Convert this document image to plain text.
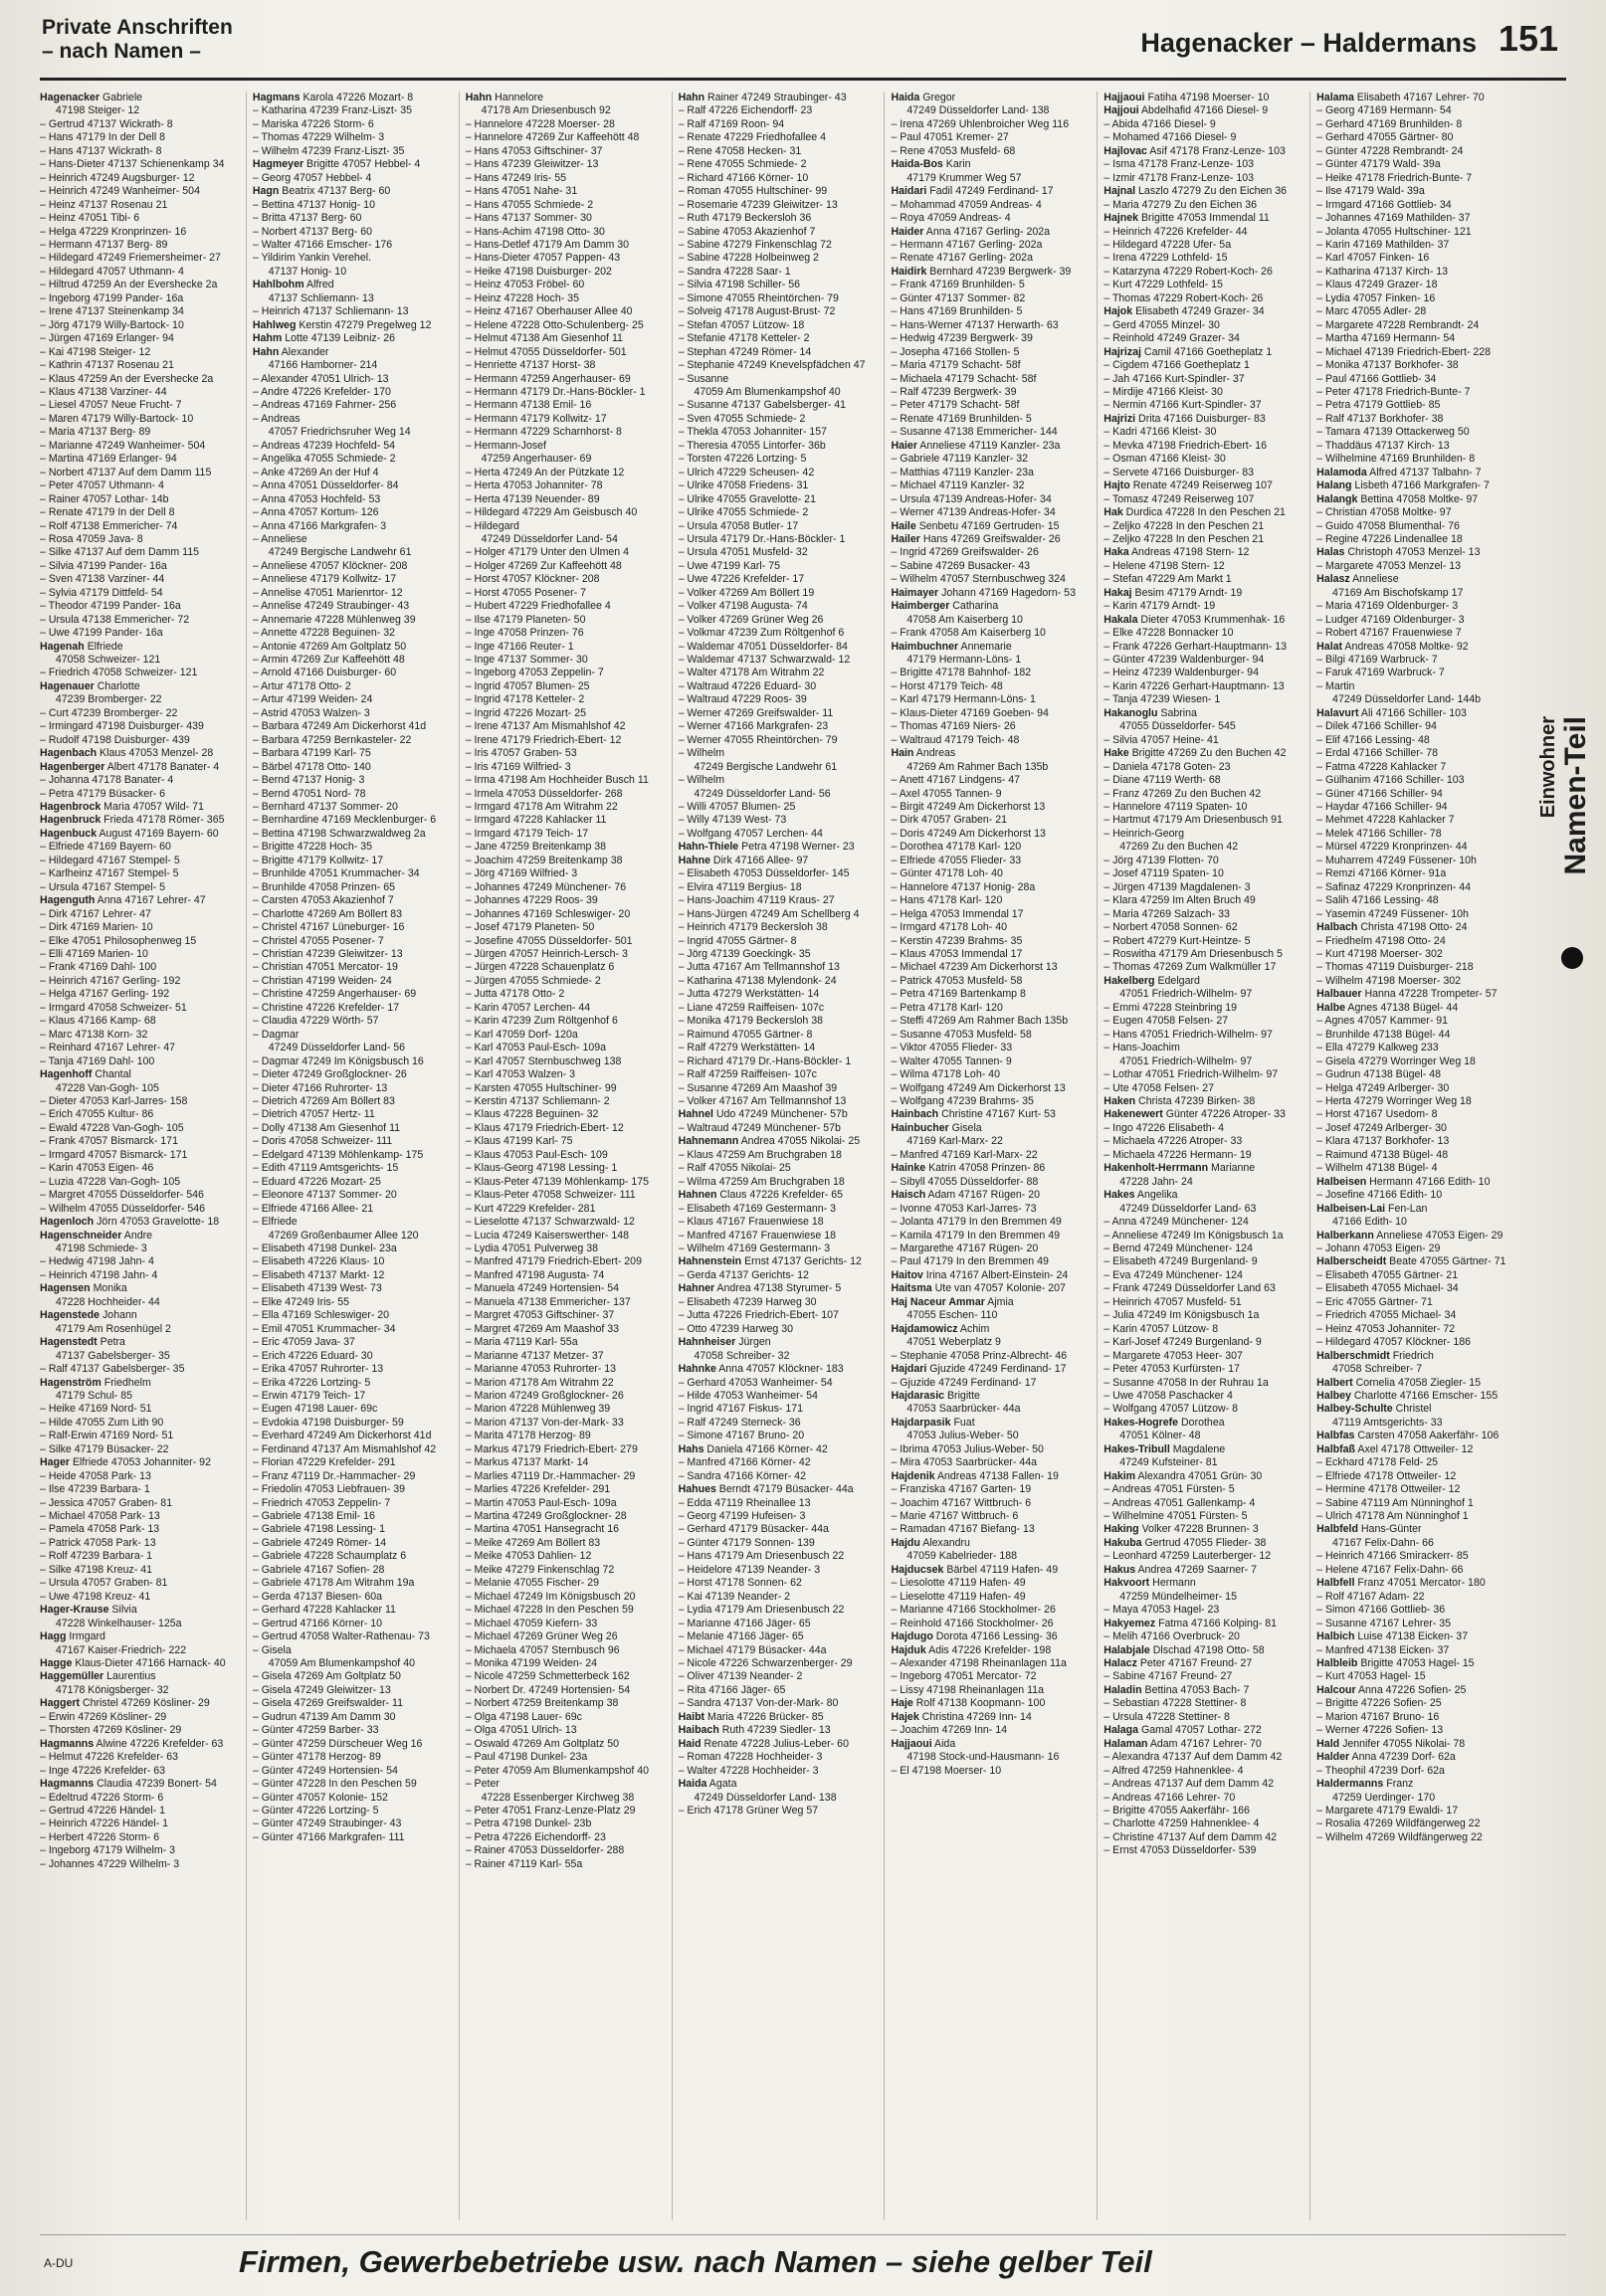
Private Anschriften
– nach Namen –	Hagenacker – Haldermans 151
Hagenacker Gabriele
  47198 Steiger- 12
– Gertrud 47137 Wickrath- 8
– Hans 47179 In der Dell 8
– Hans 47137 Wickrath- 8
– Hans-Dieter 47137 Schienenkamp 34
– Heinrich 47249 Augsburger- 12
– Heinrich 47249 Wanheimer- 504
– Heinz 47137 Rosenau 21
– Heinz 47051 Tibi- 6
– Helga 47229 Kronprinzen- 16
– Hermann 47137 Berg- 89
– Hildegard 47249 Friemersheimer- 27
– Hildegard 47057 Uthmann- 4
– Hiltrud 47259 An der Evershecke 2a
– Ingeborg 47199 Pander- 16a
– Irene 47137 Steinenkamp 34
– Jörg 47179 Willy-Bartock- 10
– Jürgen 47169 Erlanger- 94
– Kai 47198 Steiger- 12
– Kathrin 47137 Rosenau 21
– Klaus 47259 An der Evershecke 2a
– Klaus 47138 Varziner- 44
– Liesel 47057 Neue Frucht- 7
– Maren 47179 Willy-Bartock- 10
– Maria 47137 Berg- 89
– Marianne 47249 Wanheimer- 504
– Martina 47169 Erlanger- 94
– Norbert 47137 Auf dem Damm 115
– Peter 47057 Uthmann- 4
– Rainer 47057 Lothar- 14b
– Renate 47179 In der Dell 8
– Rolf 47138 Emmericher- 74
– Rosa 47059 Java- 8
– Silke 47137 Auf dem Damm 115
– Silvia 47199 Pander- 16a
– Sven 47138 Varziner- 44
– Sylvia 47179 Dittfeld- 54
– Theodor 47199 Pander- 16a
– Ursula 47138 Emmericher- 72
– Uwe 47199 Pander- 16a
Hagenah Elfriede
  47058 Schweizer- 121
– Friedrich 47058 Schweizer- 121
Hagenauer Charlotte
  47239 Bromberger- 22
– Curt 47239 Bromberger- 22
– Irmingard 47198 Duisburger- 439
– Rudolf 47198 Duisburger- 439
Hagenbach Klaus 47053 Menzel- 28
Hagenberger Albert 47178 Banater- 4
– Johanna 47178 Banater- 4
– Petra 47179 Büsacker- 6
Hagenbrock Maria 47057 Wild- 71
Hagenbruck Frieda 47178 Römer- 365
Hagenbuck August 47169 Bayern- 60
– Elfriede 47169 Bayern- 60
– Hildegard 47167 Stempel- 5
– Karlheinz 47167 Stempel- 5
– Ursula 47167 Stempel- 5
Hagenguth Anna 47167 Lehrer- 47
– Dirk 47167 Lehrer- 47
– Dirk 47169 Marien- 10
– Elke 47051 Philosophenweg 15
– Elli 47169 Marien- 10
– Frank 47169 Dahl- 100
– Heinrich 47167 Gerling- 192
– Helga 47167 Gerling- 192
– Irmgard 47058 Schweizer- 51
– Klaus 47166 Kamp- 68
– Marc 47138 Korn- 32
– Reinhard 47167 Lehrer- 47
– Tanja 47169 Dahl- 100
Hagenhoff Chantal
  47228 Van-Gogh- 105
– Dieter 47053 Karl-Jarres- 158
– Erich 47055 Kultur- 86
– Ewald 47228 Van-Gogh- 105
– Frank 47057 Bismarck- 171
– Irmgard 47057 Bismarck- 171
– Karin 47053 Eigen- 46
– Luzia 47228 Van-Gogh- 105
– Margret 47055 Düsseldorfer- 546
– Wilhelm 47055 Düsseldorfer- 546
Hagenloch Jörn 47053 Gravelotte- 18
Hagenschneider Andre
  47198 Schmiede- 3
– Hedwig 47198 Jahn- 4
– Heinrich 47198 Jahn- 4
Hagensen Monika
  47228 Hochheider- 44
Hagenstede Johann
  47179 Am Rosenhügel 2
Hagenstedt Petra
  47137 Gabelsberger- 35
– Ralf 47137 Gabelsberger- 35
Hagenström Friedhelm
  47179 Schul- 85
– Heike 47169 Nord- 51
– Hilde 47055 Zum Lith 90
– Ralf-Erwin 47169 Nord- 51
– Silke 47179 Büsacker- 22
Hager Elfriede 47053 Johanniter- 92
– Heide 47058 Park- 13
– Ilse 47239 Barbara- 1
– Jessica 47057 Graben- 81
– Michael 47058 Park- 13
– Pamela 47058 Park- 13
– Patrick 47058 Park- 13
– Rolf 47239 Barbara- 1
– Silke 47198 Kreuz- 41
– Ursula 47057 Graben- 81
– Uwe 47198 Kreuz- 41
Hager-Krause Silvia
  47228 Winkelhauser- 125a
Hagg Irmgard
  47167 Kaiser-Friedrich- 222
Hagge Klaus-Dieter 47166 Harnack- 40
Haggemüller Laurentius
  47178 Königsberger- 32
Haggert Christel 47269 Kösliner- 29
– Erwin 47269 Kösliner- 29
– Thorsten 47269 Kösliner- 29
Hagmanns Alwine 47226 Krefelder- 63
– Helmut 47226 Krefelder- 63
– Inge 47226 Krefelder- 63
Hagmanns Claudia 47239 Bonert- 54
– Edeltrud 47226 Storm- 6
– Gertrud 47226 Händel- 1
– Heinrich 47226 Händel- 1
– Herbert 47226 Storm- 6
– Ingeborg 47179 Wilhelm- 3
– Johannes 47229 Wilhelm- 3
Hagmans Karola 47226 Mozart- 8
– Katharina 47239 Franz-Liszt- 35
– Mariska 47226 Storm- 6
– Thomas 47229 Wilhelm- 3
– Wilhelm 47239 Franz-Liszt- 35
Hagmeyer Brigitte 47057 Hebbel- 4
– Georg 47057 Hebbel- 4
Hagn Beatrix 47137 Berg- 60
– Bettina 47137 Honig- 10
– Britta 47137 Berg- 60
– Norbert 47137 Berg- 60
– Walter 47166 Emscher- 176
– Yildirim Yankin Verehel.
  47137 Honig- 10
Hahlbohm Alfred
  47137 Schliemann- 13
– Heinrich 47137 Schliemann- 13
Hahlweg Kerstin 47279 Pregelweg 12
Hahm Lotte 47139 Leibniz- 26
Hahn Alexander
  47166 Hamborner- 214
– Alexander 47051 Ulrich- 13
– Andre 47226 Krefelder- 170
– Andreas 47169 Fahrner- 256
– Andreas
  47057 Friedrichsruher Weg 14
– Andreas 47239 Hochfeld- 54
– Angelika 47055 Schmiede- 2
– Anke 47269 An der Huf 4
– Anna 47051 Düsseldorfer- 84
– Anna 47053 Hochfeld- 53
– Anna 47057 Kortum- 126
– Anna 47166 Markgrafen- 3
– Anneliese
  47249 Bergische Landwehr 61
– Anneliese 47057 Klöckner- 208
– Anneliese 47179 Kollwitz- 17
– Annelise 47051 Marienrtor- 12
– Annelise 47249 Straubinger- 43
– Annemarie 47228 Mühlenweg 39
– Annette 47228 Beguinen- 32
– Antonie 47269 Am Goltplatz 50
– Armin 47269 Zur Kaffeehött 48
– Arnold 47166 Duisburger- 60
– Artur 47178 Otto- 2
– Artur 47199 Weiden- 24
– Astrid 47053 Walzen- 3
– Barbara 47249 Am Dickerhorst 41d
– Barbara 47259 Bernkasteler- 22
– Barbara 47199 Karl- 75
– Bärbel 47178 Otto- 140
– Bernd 47137 Honig- 3
– Bernd 47051 Nord- 78
– Bernhard 47137 Sommer- 20
– Bernhardine 47169 Mecklenburger- 6
– Bettina 47198 Schwarzwaldweg 2a
– Brigitte 47228 Hoch- 35
– Brigitte 47179 Kollwitz- 17
– Brunhilde 47051 Krummacher- 34
– Brunhilde 47058 Prinzen- 65
– Carsten 47053 Akazienhof 7
– Charlotte 47269 Am Böllert 83
– Christel 47167 Lüneburger- 16
– Christel 47055 Posener- 7
– Christian 47239 Gleiwitzer- 13
– Christian 47051 Mercator- 19
– Christian 47199 Weiden- 24
– Christine 47259 Angerhauser- 69
– Christine 47226 Krefelder- 17
– Claudia 47229 Wörth- 57
– Dagmar
  47249 Düsseldorfer Land- 56
– Dagmar 47249 Im Königsbusch 16
– Dieter 47249 Großglockner- 26
– Dieter 47166 Ruhrorter- 13
– Dietrich 47269 Am Böllert 83
– Dietrich 47057 Hertz- 11
– Dolly 47138 Am Giesenhof 11
– Doris 47058 Schweizer- 111
– Edelgard 47139 Möhlenkamp- 175
– Edith 47119 Amtsgerichts- 15
– Eduard 47226 Mozart- 25
– Eleonore 47137 Sommer- 20
– Elfriede 47166 Allee- 21
– Elfriede
  47269 Großenbaumer Allee 120
– Elisabeth 47198 Dunkel- 23a
– Elisabeth 47226 Klaus- 10
– Elisabeth 47137 Markt- 12
– Elisabeth 47139 West- 73
– Elke 47249 Iris- 55
– Ella 47169 Schleswiger- 20
– Emil 47051 Krummacher- 34
– Eric 47059 Java- 37
– Erich 47226 Eduard- 30
– Erika 47057 Ruhrorter- 13
– Erika 47226 Lortzing- 5
– Erwin 47179 Teich- 17
– Eugen 47198 Lauer- 69c
– Evdokia 47198 Duisburger- 59
– Everhard 47249 Am Dickerhorst 41d
– Ferdinand 47137 Am Mismahlshof 42
– Florian 47229 Krefelder- 291
– Franz 47119 Dr.-Hammacher- 29
– Friedolin 47053 Liebfrauen- 39
– Friedrich 47053 Zeppelin- 7
– Gabriele 47138 Emil- 16
– Gabriele 47198 Lessing- 1
– Gabriele 47249 Römer- 14
– Gabriele 47228 Schaumplatz 6
– Gabriele 47167 Sofien- 28
– Gabriele 47178 Am Witrahm 19a
– Gerda 47137 Biesen- 60a
– Gerhard 47228 Kahlacker 11
– Gertrud 47166 Körner- 10
– Gertrud 47058 Walter-Rathenau- 73
– Gisela
  47059 Am Blumenkampshof 40
– Gisela 47269 Am Goltplatz 50
– Gisela 47249 Gleiwitzer- 13
– Gisela 47269 Greifswalder- 11
– Gudrun 47139 Am Damm 30
– Günter 47259 Barber- 33
– Günter 47259 Dürscheuer Weg 16
– Günter 47178 Herzog- 89
– Günter 47249 Hortensien- 54
– Günter 47228 In den Peschen 59
– Günter 47057 Kolonie- 152
– Günter 47226 Lortzing- 5
– Günter 47249 Straubinger- 43
– Günter 47166 Markgrafen- 111
Hahn Hannelore
  47178 Am Driesenbusch 92
– Hannelore 47228 Moerser- 28
– Hannelore 47269 Zur Kaffeehött 48
– Hans 47053 Giftschiner- 37
– Hans 47239 Gleiwitzer- 13
– Hans 47249 Iris- 55
– Hans 47051 Nahe- 31
– Hans 47055 Schmiede- 2
– Hans 47137 Sommer- 30
– Hans-Achim 47198 Otto- 30
– Hans-Detlef 47179 Am Damm 30
– Hans-Dieter 47057 Pappen- 43
– Heike 47198 Duisburger- 202
– Heinz 47053 Fröbel- 60
– Heinz 47228 Hoch- 35
– Heinz 47167 Oberhauser Allee 40
– Helene 47228 Otto-Schulenberg- 25
– Helmut 47138 Am Giesenhof 11
– Helmut 47055 Düsseldorfer- 501
– Henriette 47137 Horst- 38
– Hermann 47259 Angerhauser- 69
– Hermann 47179 Dr.-Hans-Böckler- 1
– Hermann 47138 Emil- 16
– Hermann 47179 Kollwitz- 17
– Hermann 47229 Scharnhorst- 8
– Hermann-Josef
  47259 Angerhauser- 69
– Herta 47249 An der Pützkate 12
– Herta 47053 Johanniter- 78
– Herta 47139 Neuender- 89
– Hildegard 47229 Am Geisbusch 40
– Hildegard
  47249 Düsseldorfer Land- 54
– Holger 47179 Unter den Ulmen 4
– Holger 47269 Zur Kaffeehött 48
– Horst 47057 Klöckner- 208
– Horst 47055 Posener- 7
– Hubert 47229 Friedhofallee 4
– Ilse 47179 Planeten- 50
– Inge 47058 Prinzen- 76
– Inge 47166 Reuter- 1
– Inge 47137 Sommer- 30
– Ingeborg 47053 Zeppelin- 7
– Ingrid 47057 Blumen- 25
– Ingrid 47178 Ketteler- 2
– Ingrid 47226 Mozart- 25
– Irene 47137 Am Mismahlshof 42
– Irene 47179 Friedrich-Ebert- 12
– Iris 47057 Graben- 53
– Iris 47169 Wilfried- 3
– Irma 47198 Am Hochheider Busch 11
– Irmela 47053 Düsseldorfer- 268
– Irmgard 47178 Am Witrahm 22
– Irmgard 47228 Kahlacker 11
– Irmgard 47179 Teich- 17
– Jane 47259 Breitenkamp 38
– Joachim 47259 Breitenkamp 38
– Jörg 47169 Wilfried- 3
– Johannes 47249 Münchener- 76
– Johannes 47229 Roos- 39
– Johannes 47169 Schleswiger- 20
– Josef 47179 Planeten- 50
– Josefine 47055 Düsseldorfer- 501
– Jürgen 47057 Heinrich-Lersch- 3
– Jürgen 47228 Schauenplatz 6
– Jürgen 47055 Schmiede- 2
– Jutta 47178 Otto- 2
– Karin 47057 Lerchen- 44
– Karin 47239 Zum Röltgenhof 6
– Karl 47059 Dorf- 120a
– Karl 47053 Paul-Esch- 109a
– Karl 47057 Sternbuschweg 138
– Karl 47053 Walzen- 3
– Karsten 47055 Hultschiner- 99
– Kerstin 47137 Schliemann- 2
– Klaus 47228 Beguinen- 32
– Klaus 47179 Friedrich-Ebert- 12
– Klaus 47199 Karl- 75
– Klaus 47053 Paul-Esch- 109
– Klaus-Georg 47198 Lessing- 1
– Klaus-Peter 47139 Möhlenkamp- 175
– Klaus-Peter 47058 Schweizer- 111
– Kurt 47229 Krefelder- 281
– Lieselotte 47137 Schwarzwald- 12
– Lucia 47249 Kaiserswerther- 148
– Lydia 47051 Pulverweg 38
– Manfred 47179 Friedrich-Ebert- 209
– Manfred 47198 Augusta- 74
– Manuela 47249 Hortensien- 54
– Manuela 47138 Emmericher- 137
– Margret 47053 Giftschiner- 37
– Margret 47269 Am Maashof 33
– Maria 47119 Karl- 55a
– Marianne 47137 Metzer- 37
– Marianne 47053 Ruhrorter- 13
– Marion 47178 Am Witrahm 22
– Marion 47249 Großglockner- 26
– Marion 47228 Mühlenweg 39
– Marion 47137 Von-der-Mark- 33
– Marita 47178 Herzog- 89
– Markus 47179 Friedrich-Ebert- 279
– Markus 47137 Markt- 14
– Marlies 47119 Dr.-Hammacher- 29
– Marlies 47226 Krefelder- 291
– Martin 47053 Paul-Esch- 109a
– Martina 47249 Großglockner- 28
– Martina 47051 Hansegracht 16
– Meike 47269 Am Böllert 83
– Meike 47053 Dahlien- 12
– Meike 47279 Finkenschlag 72
– Melanie 47055 Fischer- 29
– Michael 47249 Im Königsbusch 20
– Michael 47228 In den Peschen 59
– Michael 47059 Kiefern- 33
– Michael 47269 Grüner Weg 26
– Michaela 47057 Sternbusch 96
– Monika 47199 Weiden- 24
– Nicole 47259 Schmetterbeck 162
– Norbert Dr. 47249 Hortensien- 54
– Norbert 47259 Breitenkamp 38
– Olga 47198 Lauer- 69c
– Olga 47051 Ulrich- 13
– Oswald 47269 Am Goltplatz 50
– Paul 47198 Dunkel- 23a
– Peter 47059 Am Blumenkampshof 40
– Peter
  47228 Essenberger Kirchweg 38
– Peter 47051 Franz-Lenze-Platz 29
– Petra 47198 Dunkel- 23b
– Petra 47226 Eichendorff- 23
– Rainer 47053 Düsseldorfer- 288
– Rainer 47119 Karl- 55a
Hahn Rainer 47249 Straubinger- 43
– Ralf 47226 Eichendorff- 23
– Ralf 47169 Roon- 94
– Renate 47229 Friedhofallee 4
– Rene 47058 Hecken- 31
– Rene 47055 Schmiede- 2
– Richard 47166 Körner- 10
– Roman 47055 Hultschiner- 99
– Rosemarie 47239 Gleiwitzer- 13
– Ruth 47179 Beckersloh 36
– Sabine 47053 Akazienhof 7
– Sabine 47279 Finkenschlag 72
– Sabine 47228 Holbeinweg 2
– Sandra 47228 Saar- 1
– Silvia 47198 Schiller- 56
– Simone 47055 Rheintörchen- 79
– Solveig 47178 August-Brust- 72
– Stefan 47057 Lützow- 18
– Stefanie 47178 Ketteler- 2
– Stephan 47249 Römer- 14
– Stephanie 47249 Knevelspfädchen 47
– Susanne
  47059 Am Blumenkampshof 40
– Susanne 47137 Gabelsberger- 41
– Sven 47055 Schmiede- 2
– Thekla 47053 Johanniter- 157
– Theresia 47055 Lintorfer- 36b
– Torsten 47226 Lortzing- 5
– Ulrich 47229 Scheusen- 42
– Ulrike 47058 Friedens- 31
– Ulrike 47055 Gravelotte- 21
– Ulrike 47055 Schmiede- 2
– Ursula 47058 Butler- 17
– Ursula 47179 Dr.-Hans-Böckler- 1
– Ursula 47051 Musfeld- 32
– Uwe 47199 Karl- 75
– Uwe 47226 Krefelder- 17
– Volker 47269 Am Böllert 19
– Volker 47198 Augusta- 74
– Volker 47269 Grüner Weg 26
– Volkmar 47239 Zum Röltgenhof 6
– Waldemar 47051 Düsseldorfer- 84
– Waldemar 47137 Schwarzwald- 12
– Walter 47178 Am Witrahm 22
– Waltraud 47226 Eduard- 30
– Waltraud 47229 Roos- 39
– Werner 47269 Greifswalder- 11
– Werner 47166 Markgrafen- 23
– Werner 47055 Rheintörchen- 79
– Wilhelm
  47249 Bergische Landwehr 61
– Wilhelm
  47249 Düsseldorfer Land- 56
– Willi 47057 Blumen- 25
– Willy 47139 West- 73
– Wolfgang 47057 Lerchen- 44
Hahn-Thiele Petra 47198 Werner- 23
Hahne Dirk 47166 Allee- 97
– Elisabeth 47053 Düsseldorfer- 145
– Elvira 47119 Bergius- 18
– Hans-Joachim 47119 Kraus- 27
– Hans-Jürgen 47249 Am Schellberg 4
– Heinrich 47179 Beckersloh 38
– Ingrid 47055 Gärtner- 8
– Jörg 47139 Goeckingk- 35
– Jutta 47167 Am Tellmannshof 13
– Katharina 47138 Mylendonk- 24
– Jutta 47279 Werkstätten- 14
– Liane 47259 Raiffeisen- 107c
– Monika 47179 Beckersloh 38
– Raimund 47055 Gärtner- 8
– Ralf 47279 Werkstätten- 14
– Richard 47179 Dr.-Hans-Böckler- 1
– Ralf 47259 Raiffeisen- 107c
– Susanne 47269 Am Maashof 39
– Volker 47167 Am Tellmannshof 13
Hahnel Udo 47249 Münchener- 57b
– Waltraud 47249 Münchener- 57b
Hahnemann Andrea 47055 Nikolai- 25
– Klaus 47259 Am Bruchgraben 18
– Ralf 47055 Nikolai- 25
– Wilma 47259 Am Bruchgraben 18
Hahnen Claus 47226 Krefelder- 65
– Elisabeth 47169 Gestermann- 3
– Klaus 47167 Frauenwiese 18
– Manfred 47167 Frauenwiese 18
– Wilhelm 47169 Gestermann- 3
Hahnenstein Ernst 47137 Gerichts- 12
– Gerda 47137 Gerichts- 12
Hahner Andrea 47138 Styrumer- 5
– Elisabeth 47239 Harweg 30
– Jutta 47226 Friedrich-Ebert- 107
– Otto 47239 Harweg 30
Hahnheiser Jürgen
  47058 Schreiber- 32
Hahnke Anna 47057 Klöckner- 183
– Gerhard 47053 Wanheimer- 54
– Hilde 47053 Wanheimer- 54
– Ingrid 47167 Fiskus- 171
– Ralf 47249 Sterneck- 36
– Simone 47167 Bruno- 20
Hahs Daniela 47166 Körner- 42
– Manfred 47166 Körner- 42
– Sandra 47166 Körner- 42
Hahues Berndt 47179 Büsacker- 44a
– Edda 47119 Rheinallee 13
– Georg 47199 Hufeisen- 3
– Gerhard 47179 Büsacker- 44a
– Günter 47179 Sonnen- 139
– Hans 47179 Am Driesenbusch 22
– Heidelore 47139 Neander- 3
– Horst 47178 Sonnen- 62
– Kai 47139 Neander- 2
– Lydia 47179 Am Driesenbusch 22
– Marianne 47166 Jäger- 65
– Melanie 47166 Jäger- 65
– Michael 47179 Büsacker- 44a
– Nicole 47226 Schwarzenberger- 29
– Oliver 47139 Neander- 2
– Rita 47166 Jäger- 65
– Sandra 47137 Von-der-Mark- 80
Haibt Maria 47226 Brücker- 85
Haibach Ruth 47239 Siedler- 13
Haid Renate 47228 Julius-Leber- 60
– Roman 47228 Hochheider- 3
– Walter 47228 Hochheider- 3
Haida Agata
  47249 Düsseldorfer Land- 138
– Erich 47178 Grüner Weg 57
Haida Gregor
  47249 Düsseldorfer Land- 138
– Irena 47269 Uhlenbroicher Weg 116
– Paul 47051 Kremer- 27
– Rene 47053 Musfeld- 68
Haida-Bos Karin
  47179 Krummer Weg 57
Haidari Fadil 47249 Ferdinand- 17
– Mohammad 47059 Andreas- 4
– Roya 47059 Andreas- 4
Haider Anna 47167 Gerling- 202a
– Hermann 47167 Gerling- 202a
– Renate 47167 Gerling- 202a
Haidirk Bernhard 47239 Bergwerk- 39
– Frank 47169 Brunhilden- 5
– Günter 47137 Sommer- 82
– Hans 47169 Brunhilden- 5
– Hans-Werner 47137 Herwarth- 63
– Hedwig 47239 Bergwerk- 39
– Josepha 47166 Stollen- 5
– Maria 47179 Schacht- 58f
– Michaela 47179 Schacht- 58f
– Ralf 47239 Bergwerk- 39
– Peter 47179 Schacht- 58f
– Renate 47169 Brunhilden- 5
– Susanne 47138 Emmericher- 144
Haier Anneliese 47119 Kanzler- 23a
– Gabriele 47119 Kanzler- 32
– Matthias 47119 Kanzler- 23a
– Michael 47119 Kanzler- 32
– Ursula 47139 Andreas-Hofer- 34
– Werner 47139 Andreas-Hofer- 34
Haile Senbetu 47169 Gertruden- 15
Hailer Hans 47269 Greifswalder- 26
– Ingrid 47269 Greifswalder- 26
– Sabine 47269 Busacker- 43
– Wilhelm 47057 Sternbuschweg 324
Haimayer Johann 47169 Hagedorn- 53
Haimberger Catharina
  47058 Am Kaiserberg 10
– Frank 47058 Am Kaiserberg 10
Haimbuchner Annemarie
  47179 Hermann-Löns- 1
– Brigitte 47178 Bahnhof- 182
– Horst 47179 Teich- 48
– Karl 47179 Hermann-Löns- 1
– Klaus-Dieter 47169 Goeben- 94
– Thomas 47169 Niers- 26
– Waltraud 47179 Teich- 48
Hain Andreas
  47269 Am Rahmer Bach 135b
– Anett 47167 Lindgens- 47
– Axel 47055 Tannen- 9
– Birgit 47249 Am Dickerhorst 13
– Dirk 47057 Graben- 21
– Doris 47249 Am Dickerhorst 13
– Dorothea 47178 Karl- 120
– Elfriede 47055 Flieder- 33
– Günter 47178 Loh- 40
– Hannelore 47137 Honig- 28a
– Hans 47178 Karl- 120
– Helga 47053 Immendal 17
– Irmgard 47178 Loh- 40
– Kerstin 47239 Brahms- 35
– Klaus 47053 Immendal 17
– Michael 47239 Am Dickerhorst 13
– Patrick 47053 Musfeld- 58
– Petra 47169 Bartenkamp 8
– Petra 47178 Karl- 120
– Steffi 47269 Am Rahmer Bach 135b
– Susanne 47053 Musfeld- 58
– Viktor 47055 Flieder- 33
– Walter 47055 Tannen- 9
– Wilma 47178 Loh- 40
– Wolfgang 47249 Am Dickerhorst 13
– Wolfgang 47239 Brahms- 35
Hainbach Christine 47167 Kurt- 53
Hainbucher Gisela
  47169 Karl-Marx- 22
– Manfred 47169 Karl-Marx- 22
Hainke Katrin 47058 Prinzen- 86
– Sibyll 47055 Düsseldorfer- 88
Haisch Adam 47167 Rügen- 20
– Ivonne 47053 Karl-Jarres- 73
– Jolanta 47179 In den Bremmen 49
– Kamila 47179 In den Bremmen 49
– Margarethe 47167 Rügen- 20
– Paul 47179 In den Bremmen 49
Haitov Irina 47167 Albert-Einstein- 24
Haitsma Ute van 47057 Kolonie- 207
Haj Naceur Ammar Ajmia
  47055 Eschen- 110
Hajdamowicz Achim
  47051 Weberplatz 9
– Stephanie 47058 Prinz-Albrecht- 46
Hajdari Gjuzide 47249 Ferdinand- 17
– Gjuzide 47249 Ferdinand- 17
Hajdarasic Brigitte
  47053 Saarbrücker- 44a
Hajdarpasik Fuat
  47053 Julius-Weber- 50
– Ibrima 47053 Julius-Weber- 50
– Mira 47053 Saarbrücker- 44a
Hajdenik Andreas 47138 Fallen- 19
– Franziska 47167 Garten- 19
– Joachim 47167 Wittbruch- 6
– Marie 47167 Wittbruch- 6
– Ramadan 47167 Biefang- 13
Hajdu Alexandru
  47059 Kabelrieder- 188
Hajducsek Bärbel 47119 Hafen- 49
– Liesolotte 47119 Hafen- 49
– Lieselotte 47119 Hafen- 49
– Marianne 47166 Stockholmer- 26
– Reinhold 47166 Stockholmer- 26
Hajdugo Dorota 47166 Lessing- 36
Hajduk Adis 47226 Krefelder- 198
– Alexander 47198 Rheinanlagen 11a
– Ingeborg 47051 Mercator- 72
– Lissy 47198 Rheinanlagen 11a
Haje Rolf 47138 Koopmann- 100
Hajek Christina 47269 Inn- 14
– Joachim 47269 Inn- 14
Hajjaoui Aida
  47198 Stock-und-Hausmann- 16
– El 47198 Moerser- 10
Hajjaoui Fatiha 47198 Moerser- 10
Hajjoui Abdelhafid 47166 Diesel- 9
– Abida 47166 Diesel- 9
– Mohamed 47166 Diesel- 9
Hajlovac Asif 47178 Franz-Lenze- 103
– Isma 47178 Franz-Lenze- 103
– Izmir 47178 Franz-Lenze- 103
Hajnal Laszlo 47279 Zu den Eichen 36
– Maria 47279 Zu den Eichen 36
Hajnek Brigitte 47053 Immendal 11
– Heinrich 47226 Krefelder- 44
– Hildegard 47228 Ufer- 5a
– Irena 47229 Lothfeld- 15
– Katarzyna 47229 Robert-Koch- 26
– Kurt 47229 Lothfeld- 15
– Thomas 47229 Robert-Koch- 26
Hajok Elisabeth 47249 Grazer- 34
– Gerd 47055 Minzel- 30
– Reinhold 47249 Grazer- 34
Hajrizaj Camil 47166 Goetheplatz 1
– Cigdem 47166 Goetheplatz 1
– Jah 47166 Kurt-Spindler- 37
– Mirdije 47166 Kleist- 30
– Nermin 47166 Kurt-Spindler- 37
Hajrizi Drita 47166 Duisburger- 83
– Kadri 47166 Kleist- 30
– Mevka 47198 Friedrich-Ebert- 16
– Osman 47166 Kleist- 30
– Servete 47166 Duisburger- 83
Hajto Renate 47249 Reiserweg 107
– Tomasz 47249 Reiserweg 107
Hak Durdica 47228 In den Peschen 21
– Zeljko 47228 In den Peschen 21
– Zeljko 47228 In den Peschen 21
Haka Andreas 47198 Stern- 12
– Helene 47198 Stern- 12
– Stefan 47229 Am Markt 1
Hakaj Besim 47179 Arndt- 19
– Karin 47179 Arndt- 19
Hakala Dieter 47053 Krummenhak- 16
– Elke 47228 Bonnacker 10
– Frank 47226 Gerhart-Hauptmann- 13
– Günter 47239 Waldenburger- 94
– Heinz 47239 Waldenburger- 94
– Karin 47226 Gerhart-Hauptmann- 13
– Tanja 47239 Wiesen- 1
Hakanoglu Sabrina
  47055 Düsseldorfer- 545
– Silvia 47057 Heine- 41
Hake Brigitte 47269 Zu den Buchen 42
– Daniela 47178 Goten- 23
– Diane 47119 Werth- 68
– Franz 47269 Zu den Buchen 42
– Hannelore 47119 Spaten- 10
– Hartmut 47179 Am Driesenbusch 91
– Heinrich-Georg
  47269 Zu den Buchen 42
– Jörg 47139 Flotten- 70
– Josef 47119 Spaten- 10
– Jürgen 47139 Magdalenen- 3
– Klara 47259 Im Alten Bruch 49
– Maria 47269 Salzach- 33
– Norbert 47058 Sonnen- 62
– Robert 47279 Kurt-Heintze- 5
– Roswitha 47179 Am Driesenbusch 5
– Thomas 47269 Zum Walkmüller 17
Hakelberg Edelgard
  47051 Friedrich-Wilhelm- 97
– Emmi 47228 Steinbring 19
– Eugen 47058 Felsen- 27
– Hans 47051 Friedrich-Wilhelm- 97
– Hans-Joachim
  47051 Friedrich-Wilhelm- 97
– Lothar 47051 Friedrich-Wilhelm- 97
– Ute 47058 Felsen- 27
Haken Christa 47239 Birken- 38
Hakenewert Günter 47226 Atroper- 33
– Ingo 47226 Elisabeth- 4
– Michaela 47226 Atroper- 33
– Michaela 47226 Hermann- 19
Hakenholt-Herrmann Marianne
  47228 Jahn- 24
Hakes Angelika
  47249 Düsseldorfer Land- 63
– Anna 47249 Münchener- 124
– Anneliese 47249 Im Königsbusch 1a
– Bernd 47249 Münchener- 124
– Elisabeth 47249 Burgenland- 9
– Eva 47249 Münchener- 124
– Frank 47249 Düsseldorfer Land 63
– Heinrich 47057 Musfeld- 51
– Julia 47249 Im Königsbusch 1a
– Karin 47057 Lützow- 8
– Karl-Josef 47249 Burgenland- 9
– Margarete 47053 Heer- 307
– Peter 47053 Kurfürsten- 17
– Susanne 47058 In der Ruhrau 1a
– Uwe 47058 Paschacker 4
– Wolfgang 47057 Lützow- 8
Hakes-Hogrefe Dorothea
  47051 Kölner- 48
Hakes-Tribull Magdalene
  47249 Kufsteiner- 81
Hakim Alexandra 47051 Grün- 30
– Andreas 47051 Fürsten- 5
– Andreas 47051 Gallenkamp- 4
– Wilhelmine 47051 Fürsten- 5
Haking Volker 47228 Brunnen- 3
Hakuba Gertrud 47055 Flieder- 38
– Leonhard 47259 Lauterberger- 12
Hakus Andrea 47269 Saarner- 7
Hakvoort Hermann
  47259 Mündelheimer- 15
– Maya 47053 Hagel- 23
Hakyemez Fatma 47166 Kolping- 81
– Melih 47166 Overbruck- 20
Halabjale Dlschad 47198 Otto- 58
Halacz Peter 47167 Freund- 27
– Sabine 47167 Freund- 27
Haladin Bettina 47053 Bach- 7
– Sebastian 47228 Stettiner- 8
– Ursula 47228 Stettiner- 8
Halaga Gamal 47057 Lothar- 272
Halaman Adam 47167 Lehrer- 70
– Alexandra 47137 Auf dem Damm 42
– Alfred 47259 Hahnenklee- 4
– Andreas 47137 Auf dem Damm 42
– Andreas 47166 Lehrer- 70
– Brigitte 47055 Aakerfähr- 166
– Charlotte 47259 Hahnenklee- 4
– Christine 47137 Auf dem Damm 42
– Ernst 47053 Düsseldorfer- 539
Halama Elisabeth 47167 Lehrer- 70
– Georg 47169 Hermann- 54
– Gerhard 47169 Brunhilden- 8
– Gerhard 47055 Gärtner- 80
– Günter 47228 Rembrandt- 24
– Günter 47179 Wald- 39a
– Heike 47178 Friedrich-Bunte- 7
– Ilse 47179 Wald- 39a
– Irmgard 47166 Gottlieb- 34
– Johannes 47169 Mathilden- 37
– Jolanta 47055 Hultschiner- 121
– Karin 47169 Mathilden- 37
– Karl 47057 Finken- 16
– Katharina 47137 Kirch- 13
– Klaus 47249 Grazer- 18
– Lydia 47057 Finken- 16
– Marc 47055 Adler- 28
– Margarete 47228 Rembrandt- 24
– Martha 47169 Hermann- 54
– Michael 47139 Friedrich-Ebert- 228
– Monika 47137 Borkhofer- 38
– Paul 47166 Gottlieb- 34
– Peter 47178 Friedrich-Bunte- 7
– Petra 47179 Gottlieb- 85
– Ralf 47137 Borkhofer- 38
– Tamara 47139 Ottackerweg 50
– Thaddäus 47137 Kirch- 13
– Wilhelmine 47169 Brunhilden- 8
Halamoda Alfred 47137 Talbahn- 7
Halang Lisbeth 47166 Markgrafen- 7
Halangk Bettina 47058 Moltke- 97
– Christian 47058 Moltke- 97
– Guido 47058 Blumenthal- 76
– Regine 47226 Lindenallee 18
Halas Christoph 47053 Menzel- 13
– Margarete 47053 Menzel- 13
Halasz Anneliese
  47169 Am Bischofskamp 17
– Maria 47169 Oldenburger- 3
– Ludger 47169 Oldenburger- 3
– Robert 47167 Frauenwiese 7
Halat Andreas 47058 Moltke- 92
– Bilgi 47169 Warbruck- 7
– Faruk 47169 Warbruck- 7
– Martin
  47249 Düsseldorfer Land- 144b
Halavurt Ali 47166 Schiller- 103
– Dilek 47166 Schiller- 94
– Elif 47166 Lessing- 48
– Erdal 47166 Schiller- 78
– Fatma 47228 Kahlacker 7
– Gülhanim 47166 Schiller- 103
– Güner 47166 Schiller- 94
– Haydar 47166 Schiller- 94
– Mehmet 47228 Kahlacker 7
– Melek 47166 Schiller- 78
– Mürsel 47229 Kronprinzen- 44
– Muharrem 47249 Füssener- 10h
– Remzi 47166 Körner- 91a
– Safinaz 47229 Kronprinzen- 44
– Salih 47166 Lessing- 48
– Yasemin 47249 Füssener- 10h
Halbach Christa 47198 Otto- 24
– Friedhelm 47198 Otto- 24
– Kurt 47198 Moerser- 302
– Thomas 47119 Duisburger- 218
– Wilhelm 47198 Moerser- 302
Halbauer Hanna 47228 Trompeter- 57
Halbe Agnes 47138 Bügel- 44
– Agnes 47057 Kammer- 91
– Brunhilde 47138 Bügel- 44
– Ella 47279 Kalkweg 233
– Gisela 47279 Worringer Weg 18
– Gudrun 47138 Bügel- 48
– Helga 47249 Arlberger- 30
– Herta 47279 Worringer Weg 18
– Horst 47167 Usedom- 8
– Josef 47249 Arlberger- 30
– Klara 47137 Borkhofer- 13
– Raimund 47138 Bügel- 48
– Wilhelm 47138 Bügel- 4
Halbeisen Hermann 47166 Edith- 10
– Josefine 47166 Edith- 10
Halbeisen-Lai Fen-Lan
  47166 Edith- 10
Halberkann Anneliese 47053 Eigen- 29
– Johann 47053 Eigen- 29
Halberscheidt Beate 47055 Gärtner- 71
– Elisabeth 47055 Gärtner- 21
– Elisabeth 47055 Michael- 34
– Eric 47055 Gärtner- 71
– Friedrich 47055 Michael- 34
– Heinz 47053 Johanniter- 72
– Hildegard 47057 Klöckner- 186
Halberschmidt Friedrich
  47058 Schreiber- 7
Halbert Cornelia 47058 Ziegler- 15
Halbey Charlotte 47166 Emscher- 155
Halbey-Schulte Christel
  47119 Amtsgerichts- 33
Halbfas Carsten 47058 Aakerfähr- 106
Halbfaß Axel 47178 Ottweiler- 12
– Eckhard 47178 Feld- 25
– Elfriede 47178 Ottweiler- 12
– Hermine 47178 Ottweiler- 12
– Sabine 47119 Am Nünninghof 1
– Ulrich 47178 Am Nünninghof 1
Halbfeld Hans-Günter
  47167 Felix-Dahn- 66
– Heinrich 47166 Smirackerr- 85
– Helene 47167 Felix-Dahn- 66
Halbfell Franz 47051 Mercator- 180
– Rolf 47167 Adam- 22
– Simon 47166 Gottlieb- 36
– Susanne 47167 Lehrer- 35
Halbich Luise 47138 Eicken- 37
– Manfred 47138 Eicken- 37
Halbleib Brigitte 47053 Hagel- 15
– Kurt 47053 Hagel- 15
Halcour Anna 47226 Sofien- 25
– Brigitte 47226 Sofien- 25
– Marion 47167 Bruno- 16
– Werner 47226 Sofien- 13
Hald Jennifer 47055 Nikolai- 78
Halder Anna 47239 Dorf- 62a
– Theophil 47239 Dorf- 62a
Haldermanns Franz
  47259 Uerdinger- 170
– Margarete 47179 Ewaldi- 17
– Rosalia 47269 Wildfängerweg 22
– Wilhelm 47269 Wildfängerweg 22
Einwohner Namen-Teil
A-DU	Firmen, Gewerbebetriebe usw. nach Namen – siehe gelber Teil
